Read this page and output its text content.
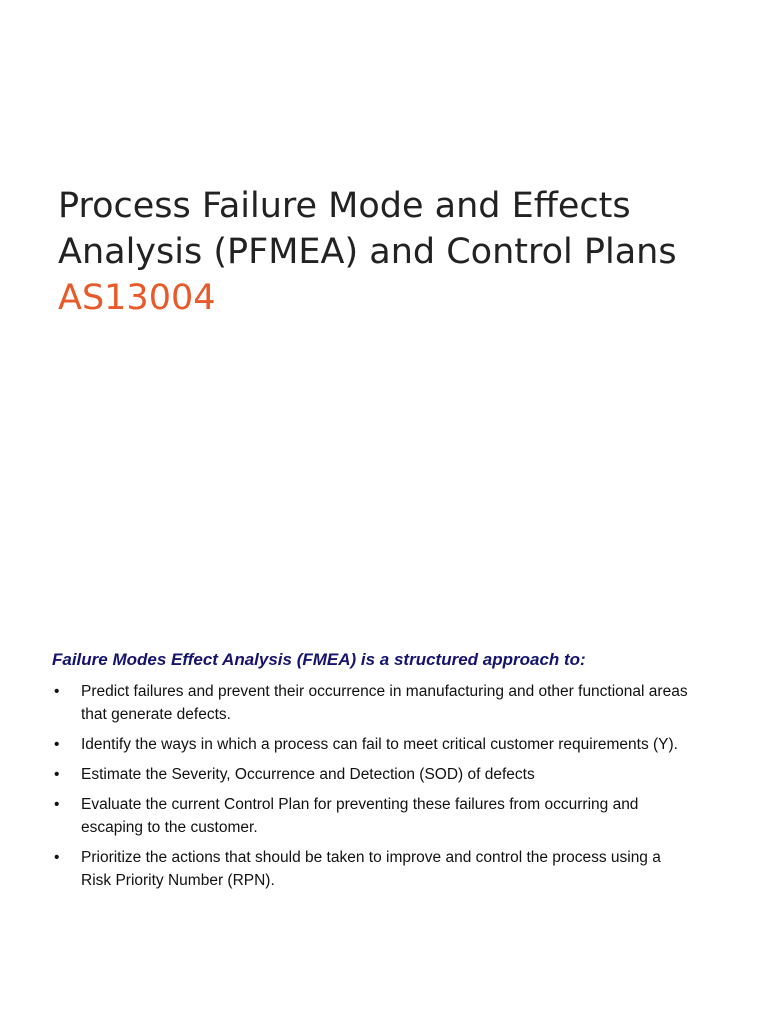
Process Failure Mode and Effects Analysis (PFMEA) and Control Plans AS13004

Failure Modes Effect Analysis (FMEA) is a structured approach to:

• Predict failures and prevent their occurrence in manufacturing and other functional areas that generate defects.
• Identify the ways in which a process can fail to meet critical customer requirements (Y).
• Estimate the Severity, Occurrence and Detection (SOD) of defects
• Evaluate the current Control Plan for preventing these failures from occurring and escaping to the customer.
• Prioritize the actions that should be taken to improve and control the process using a Risk Priority Number (RPN).
